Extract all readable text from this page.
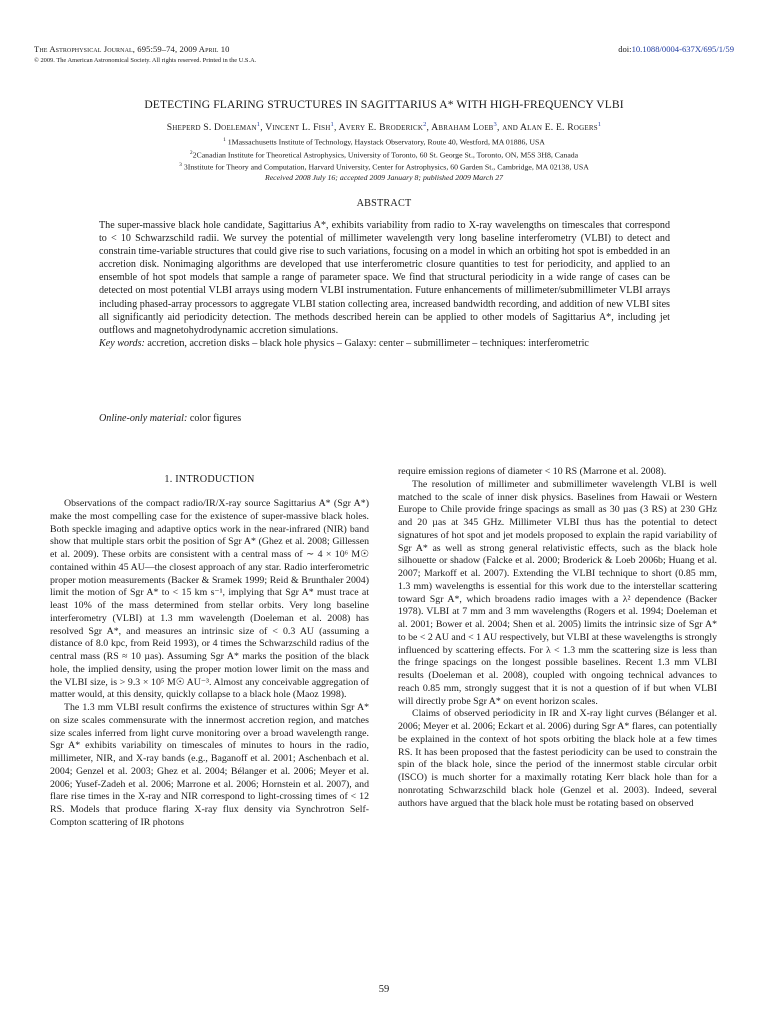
The Astrophysical Journal, 695:59–74, 2009 April 10
© 2009. The American Astronomical Society. All rights reserved. Printed in the U.S.A.
doi:10.1088/0004-637X/695/1/59
DETECTING FLARING STRUCTURES IN SAGITTARIUS A* WITH HIGH-FREQUENCY VLBI
Sheperd S. Doeleman$^1$, Vincent L. Fish$^1$, Avery E. Broderick$^2$, Abraham Loeb$^3$, and Alan E. E. Rogers$^1$
$^1$ 1Massachusetts Institute of Technology, Haystack Observatory, Route 40, Westford, MA 01886, USA
$^2$2Canadian Institute for Theoretical Astrophysics, University of Toronto, 60 St. George St., Toronto, ON, M5S 3H8, Canada
$^3$ 3Institute for Theory and Computation, Harvard University, Center for Astrophysics, 60 Garden St., Cambridge, MA 02138, USA
Received 2008 July 16; accepted 2009 January 8; published 2009 March 27
ABSTRACT

The super-massive black hole candidate, Sagittarius A*, exhibits variability from radio to X-ray wavelengths on timescales that correspond to < 10 Schwarzschild radii. We survey the potential of millimeter wavelength very long baseline interferometry (VLBI) to detect and constrain time-variable structures that could give rise to such variations, focusing on a model in which an orbiting hot spot is embedded in an accretion disk. Nonimaging algorithms are developed that use interferometric closure quantities to test for periodicity, and applied to an ensemble of hot spot models that sample a range of parameter space. We find that structural periodicity in a wide range of cases can be detected on most potential VLBI arrays using modern VLBI instrumentation. Future enhancements of millimeter/submillimeter VLBI arrays including phased-array processors to aggregate VLBI station collecting area, increased bandwidth recording, and addition of new VLBI sites all significantly aid periodicity detection. The methods described herein can be applied to other models of Sagittarius A*, including jet outflows and magnetohydrodynamic accretion simulations.

Key words: accretion, accretion disks – black hole physics – Galaxy: center – submillimeter – techniques: interferometric

Online-only material: color figures
1. INTRODUCTION

Observations of the compact radio/IR/X-ray source Sagittarius A* (Sgr A*) make the most compelling case for the existence of super-massive black holes. Both speckle imaging and adaptive optics work in the near-infrared (NIR) band show that multiple stars orbit the position of Sgr A* (Ghez et al. 2008; Gillessen et al. 2009). These orbits are consistent with a central mass of ∼ 4 × 10⁶ M☉ contained within 45 AU—the closest approach of any star. Radio interferometric proper motion measurements (Backer & Sramek 1999; Reid & Brunthaler 2004) limit the motion of Sgr A* to < 15 km s⁻¹, implying that Sgr A* must trace at least 10% of the mass determined from stellar orbits. Very long baseline interferometry (VLBI) at 1.3 mm wavelength (Doeleman et al. 2008) has resolved Sgr A*, and measures an intrinsic size of < 0.3 AU (assuming a distance of 8.0 kpc, from Reid 1993), or 4 times the Schwarzschild radius of the central mass (RS ≈ 10 µas). Assuming Sgr A* marks the position of the black hole, the implied density, using the proper motion lower limit on the mass and the VLBI size, is > 9.3 × 10⁵ M☉ AU⁻³. Almost any conceivable aggregation of matter would, at this density, quickly collapse to a black hole (Maoz 1998).

The 1.3 mm VLBI result confirms the existence of structures within Sgr A* on size scales commensurate with the innermost accretion region, and matches size scales inferred from light curve monitoring over a broad wavelength range. Sgr A* exhibits variability on timescales of minutes to hours in the radio, millimeter, NIR, and X-ray bands (e.g., Baganoff et al. 2001; Aschenbach et al. 2004; Genzel et al. 2003; Ghez et al. 2004; Bélanger et al. 2006; Meyer et al. 2006; Yusef-Zadeh et al. 2006; Marrone et al. 2006; Hornstein et al. 2007), and flare rise times in the X-ray and NIR correspond to light-crossing times of < 12 RS. Models that produce flaring X-ray flux density via Synchrotron Self-Compton scattering of IR photons

require emission regions of diameter < 10 RS (Marrone et al. 2008).

The resolution of millimeter and submillimeter wavelength VLBI is well matched to the scale of inner disk physics. Baselines from Hawaii or Western Europe to Chile provide fringe spacings as small as 30 µas (3 RS) at 230 GHz and 20 µas at 345 GHz. Millimeter VLBI thus has the potential to detect signatures of hot spot and jet models proposed to explain the rapid variability of Sgr A* as well as strong general relativistic effects, such as the black hole silhouette or shadow (Falcke et al. 2000; Broderick & Loeb 2006b; Huang et al. 2007; Markoff et al. 2007). Extending the VLBI technique to short (0.85 mm, 1.3 mm) wavelengths is essential for this work due to the interstellar scattering toward Sgr A*, which broadens radio images with a λ² dependence (Backer 1978). VLBI at 7 mm and 3 mm wavelengths (Rogers et al. 1994; Doeleman et al. 2001; Bower et al. 2004; Shen et al. 2005) limits the intrinsic size of Sgr A* to be < 2 AU and < 1 AU respectively, but VLBI at these wavelengths is strongly influenced by scattering effects. For λ < 1.3 mm the scattering size is less than the fringe spacings on the longest possible baselines. Recent 1.3 mm VLBI results (Doeleman et al. 2008), coupled with ongoing technical advances to reach 0.85 mm, strongly suggest that it is not a question of if but when VLBI will directly probe Sgr A* on event horizon scales.

Claims of observed periodicity in IR and X-ray light curves (Bélanger et al. 2006; Meyer et al. 2006; Eckart et al. 2006) during Sgr A* flares, can potentially be explained in the context of hot spots orbiting the black hole at a few times RS. It has been proposed that the fastest periodicity can be used to constrain the spin of the black hole, since the period of the innermost stable circular orbit (ISCO) is much shorter for a maximally rotating Kerr black hole than for a nonrotating Schwarzschild black hole (Genzel et al. 2003). Indeed, several authors have argued that the black hole must be rotating based on observed

59
